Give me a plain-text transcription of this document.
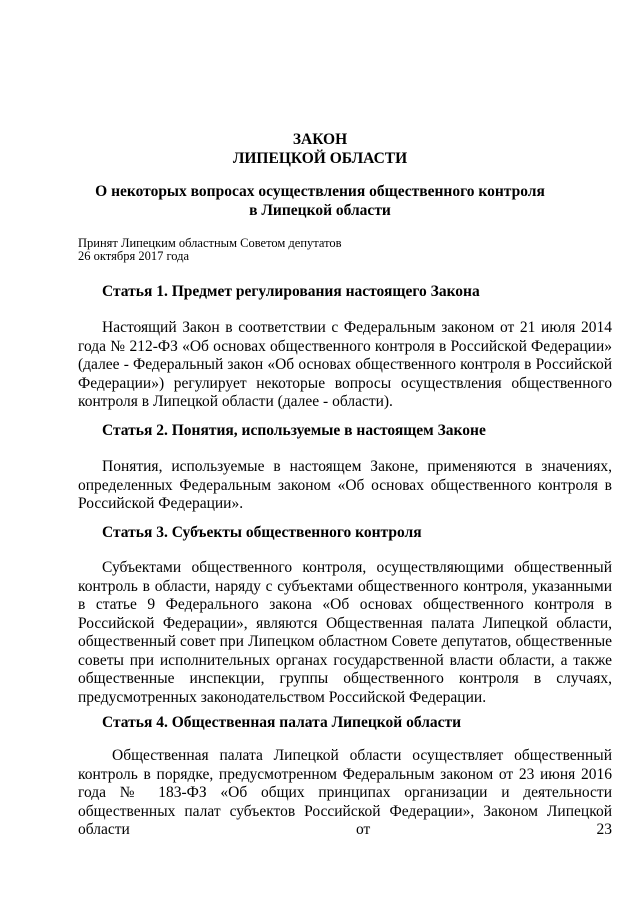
ЗАКОН
ЛИПЕЦКОЙ ОБЛАСТИ
О некоторых вопросах осуществления общественного контроля
в Липецкой области
Принят Липецким областным Советом депутатов
26 октября 2017 года
Статья 1. Предмет регулирования настоящего Закона
Настоящий Закон в соответствии с Федеральным законом от 21 июля 2014 года № 212-ФЗ «Об основах общественного контроля в Российской Федерации» (далее - Федеральный закон «Об основах общественного контроля в Российской Федерации») регулирует некоторые вопросы осуществления общественного контроля в Липецкой области (далее - области).
Статья 2. Понятия, используемые в настоящем Законе
Понятия, используемые в настоящем Законе, применяются в значениях, определенных Федеральным законом «Об основах общественного контроля в Российской Федерации».
Статья 3. Субъекты общественного контроля
Субъектами общественного контроля, осуществляющими общественный контроль в области, наряду с субъектами общественного контроля, указанными в статье 9 Федерального закона «Об основах общественного контроля в Российской Федерации», являются Общественная палата Липецкой области, общественный совет при Липецком областном Совете депутатов, общественные советы при исполнительных органах государственной власти области, а также общественные инспекции, группы общественного контроля в случаях, предусмотренных законодательством Российской Федерации.
Статья 4. Общественная палата Липецкой области
Общественная палата Липецкой области осуществляет общественный контроль в порядке, предусмотренном Федеральным законом от 23 июня 2016 года № 183-ФЗ «Об общих принципах организации и деятельности общественных палат субъектов Российской Федерации», Законом Липецкой области от 23
